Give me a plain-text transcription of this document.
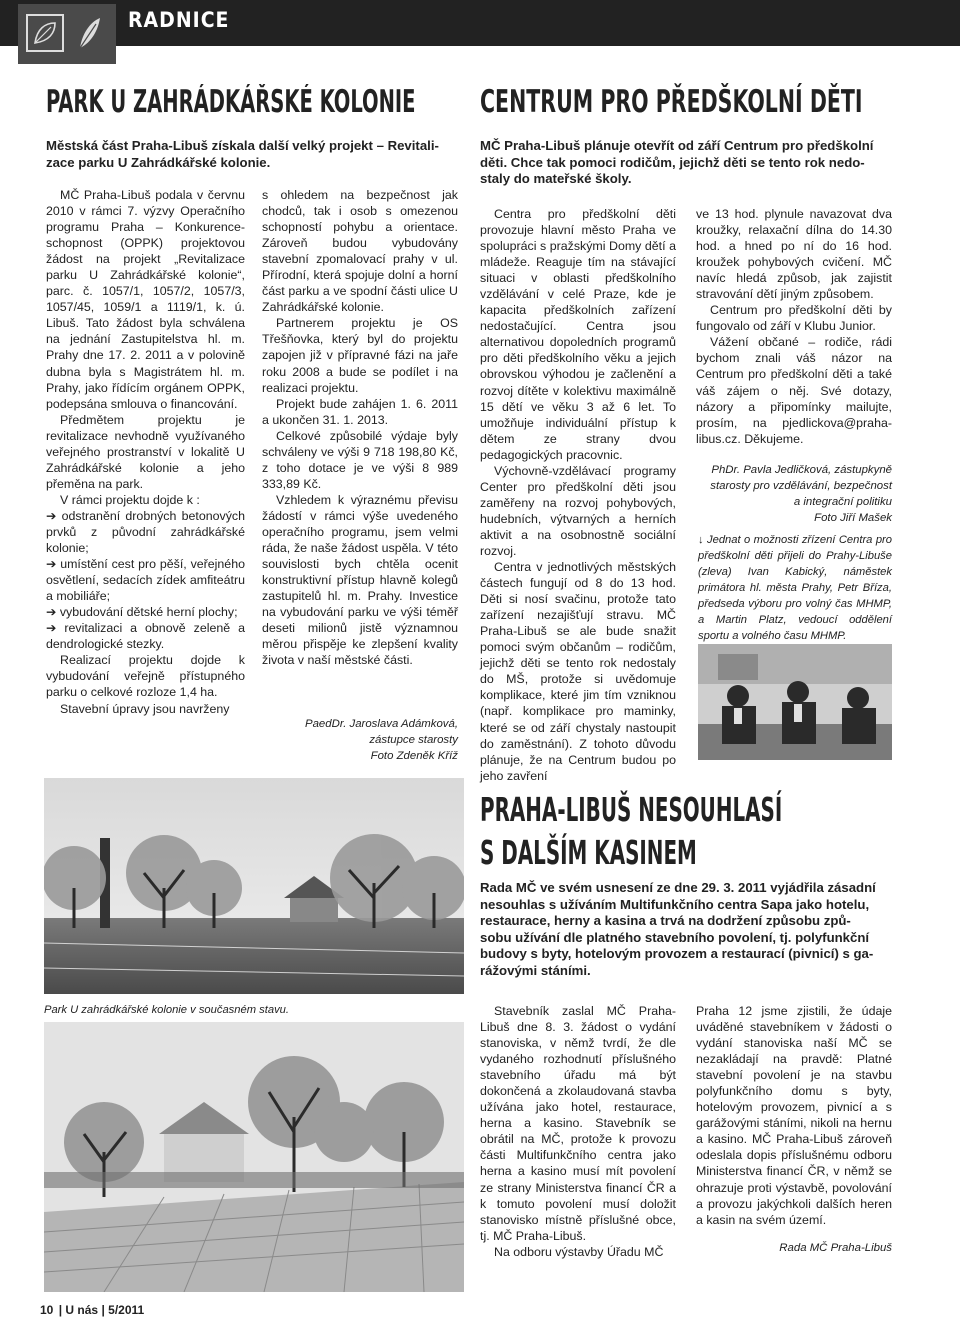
RADNICE
PARK U ZAHRÁDKÁŘSKÉ KOLONIE
Městská část Praha-Libuš získala další velký projekt – Revitali-
zace parku U Zahrádkářské kolonie.

MČ Praha-Libuš podala v červnu 2010 v rámci 7. výzvy Operačního programu Praha – Konkurenceschopnost (OPPK) projektovou žádost na projekt „Revitalizace parku U Zahrádkářské kolonie“, parc. č. 1057/1, 1057/2, 1057/3, 1057/45, 1059/1 a 1119/1, k. ú. Libuš. Tato žádost byla schválena na jednání Zastupitelstva hl. m. Prahy dne 17. 2. 2011 a v polovině dubna byla s Magistrátem hl. m. Prahy, jako řídícím orgánem OPPK, podepsána smlouva o financování.

Předmětem projektu je revitalizace nevhodně využívaného veřejného prostranství v lokalitě U Zahrádkářské kolonie a jeho přeměna na park.

V rámci projektu dojde k :

➔ odstranění drobných betonových prvků z původní zahrádkářské kolonie;

➔ umístění cest pro pěší, veřejného osvětlení, sedacích zídek amfiteátru a mobiliáře;

➔ vybudování dětské herní plochy;

➔ revitalizaci a obnově zeleně a dendrologické stezky.

Realizací projektu dojde k vybudování veřejně přístupného parku o celkové rozloze 1,4 ha.

Stavební úpravy jsou navrženy

s ohledem na bezpečnost jak chodců, tak i osob s omezenou schopností pohybu a orientace. Zároveň budou vybudovány stavební zpomalovací prahy v ul. Přírodní, která spojuje dolní a horní část parku a ve spodní části ulice U Zahrádkářské kolonie.

Partnerem projektu je OS Třešňovka, který byl do projektu zapojen již v přípravné fázi na jaře roku 2008 a bude se podílet i na realizaci projektu.

Projekt bude zahájen 1. 6. 2011 a ukončen 31. 1. 2013.

Celkové způsobilé výdaje byly schváleny ve výši 9 718 198,80 Kč, z toho dotace je ve výši 8 989 333,89 Kč.

Vzhledem k výraznému převisu žádostí v rámci výše uvedeného operačního programu, jsem velmi ráda, že naše žádost uspěla. V této souvislosti bych chtěla ocenit konstruktivní přístup hlavně kolegů zastupitelů hl. m. Prahy. Investice na vybudování parku ve výši téměř deseti milionů jistě významnou měrou přispěje ke zlepšení kvality života v naší městské části.

PaedDr. Jaroslava Adámková,
zástupce starosty
Foto Zdeněk Kříž
Park U zahrádkářské kolonie v současném stavu.
CENTRUM PRO PŘEDŠKOLNÍ DĚTI
MČ Praha-Libuš plánuje otevřít od září Centrum pro předškolní
děti. Chce tak pomoci rodičům, jejichž děti se tento rok nedo-
staly do mateřské školy.

Centra pro předškolní děti provozuje hlavní město Praha ve spolupráci s pražskými Domy dětí a mládeže. Reaguje tím na stávající situaci v oblasti předškolního vzdělávání v celé Praze, kde je kapacita předškolních zařízení nedostačující. Centra jsou alternativou dopoledních programů pro děti předškolního věku a jejich obrovskou výhodou je začlenění a rozvoj dítěte v kolektivu maximálně 15 dětí ve věku 3 až 6 let. To umožňuje individuální přístup k dětem ze strany dvou pedagogických pracovnic.

Výchovně-vzdělávací programy Center pro předškolní děti jsou zaměřeny na rozvoj pohybových, hudebních, výtvarných a herních aktivit a na osobnostně sociální rozvoj.

Centra v jednotlivých městských částech fungují od 8 do 13 hod. Děti si nosí svačinu, protože tato zařízení nezajišťují stravu. MČ Praha-Libuš se ale bude snažit pomoci svým občanům – rodičům, jejichž děti se tento rok nedostaly do MŠ, protože si uvědomuje komplikace, které jim tím vzniknou (např. komplikace pro maminky, které se od září chystaly nastoupit do zaměstnání). Z tohoto důvodu plánuje, že na Centrum budou po jeho zavření

ve 13 hod. plynule navazovat dva kroužky, relaxační dílna do 14.30 hod. a hned po ní do 16 hod. kroužek pohybových cvičení. MČ navíc hledá způsob, jak zajistit stravování dětí jiným způsobem.

Centrum pro předškolní děti by fungovalo od září v Klubu Junior.

Vážení občané – rodiče, rádi bychom znali váš názor na Centrum pro předškolní děti a také váš zájem o něj. Své dotazy, názory a připomínky mailujte, prosím, na pjedlickova@praha-libus.cz. Děkujeme.

PhDr. Pavla Jedličková, zástupkyně
starosty pro vzdělávání, bezpečnost
a integrační politiku
Foto Jiří Mašek
↓ Jednat o možnosti zřízení Centra pro předškolní děti přijeli do Prahy-Libuše (zleva) Ivan Kabický, náměstek primátora hl. města Prahy, Petr Bříza, předseda výboru pro volný čas MHMP, a Martin Platz, vedoucí oddělení sportu a volného času MHMP.
PRAHA-LIBUŠ NESOUHLASÍ
S DALŠÍM KASINEM
Rada MČ ve svém usnesení ze dne 29. 3. 2011 vyjádřila zásadní
nesouhlas s užíváním Multifunkčního centra Sapa jako hotelu,
restaurace, herny a kasina a trvá na dodržení způsobu způ-
sobu užívání dle platného stavebního povolení, tj. polyfunkční
budovy s byty, hotelovým provozem a restaurací (pivnicí) s ga-
rážovými stáními.

Stavebník zaslal MČ Praha-Libuš dne 8. 3. žádost o vydání stanoviska, v němž tvrdí, že dle vydaného rozhodnutí příslušného stavebního úřadu má být dokončená a zkolaudovaná stavba užívána jako hotel, restaurace, herna a kasino. Stavebník se obrátil na MČ, protože k provozu části Multifunkčního centra jako herna a kasino musí mít povolení ze strany Ministerstva financí ČR a k tomuto povolení musí doložit stanovisko místně příslušné obce, tj. MČ Praha-Libuš.

Na odboru výstavby Úřadu MČ

Praha 12 jsme zjistili, že údaje uváděné stavebníkem v žádosti o vydání stanoviska naší MČ se nezakládají na pravdě: Platné stavební povolení je na stavbu polyfunkčního domu s byty, hotelovým provozem, pivnicí a s garážovými stáními, nikoli na hernu a kasino. MČ Praha-Libuš zároveň odeslala dopis příslušnému odboru Ministerstva financí ČR, v němž se ohrazuje proti výstavbě, povolování a provozu jakýchkoli dalších heren a kasin na svém území.

Rada MČ Praha-Libuš
10 | U nás | 5/2011
